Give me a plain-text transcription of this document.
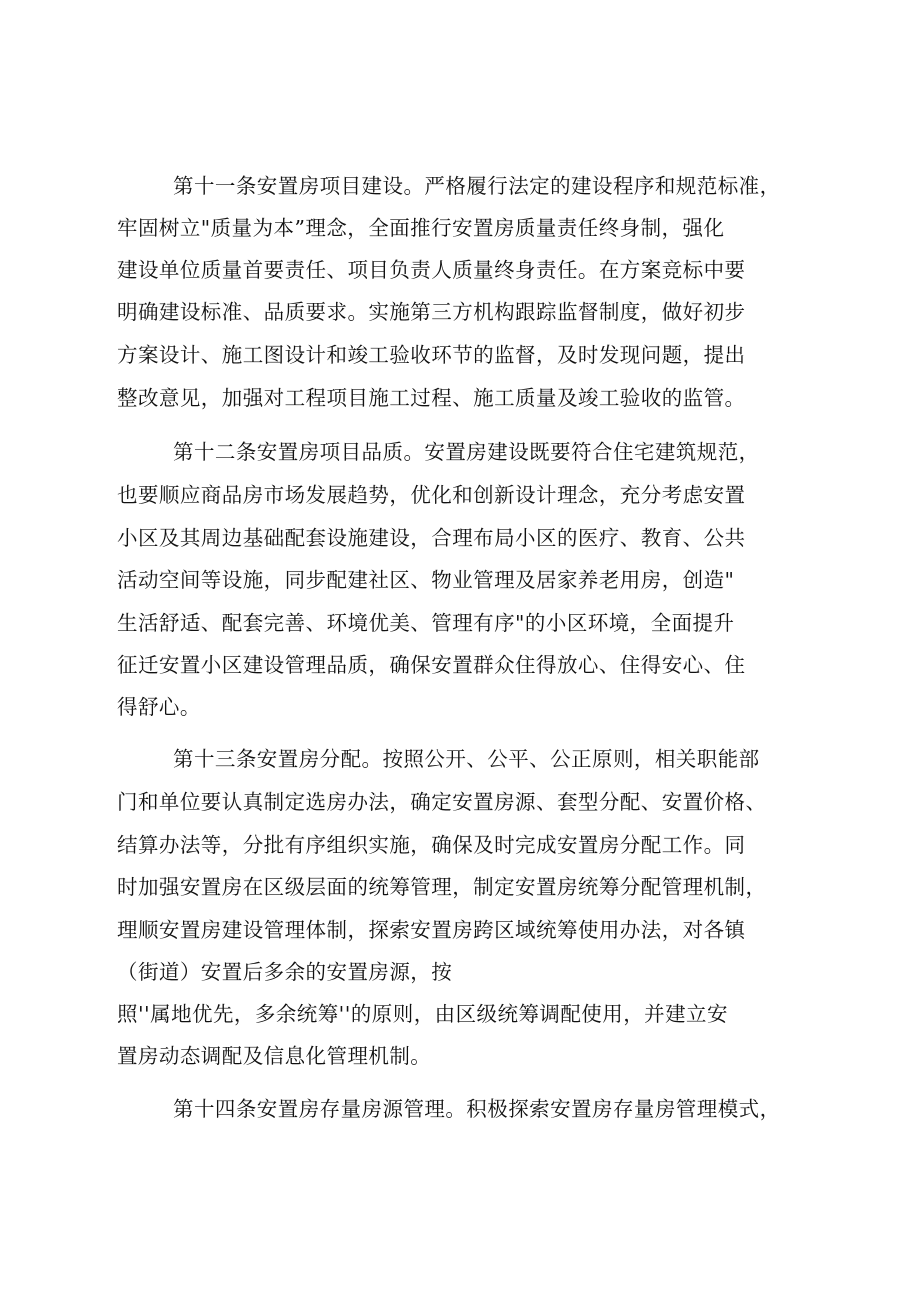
第十一条安置房项目建设。严格履行法定的建设程序和规范标准，
牢固树立"质量为本”理念，全面推行安置房质量责任终身制，强化
建设单位质量首要责任、项目负责人质量终身责任。在方案竞标中要
明确建设标准、品质要求。实施第三方机构跟踪监督制度，做好初步
方案设计、施工图设计和竣工验收环节的监督，及时发现问题，提出
整改意见，加强对工程项目施工过程、施工质量及竣工验收的监管。
第十二条安置房项目品质。安置房建设既要符合住宅建筑规范，
也要顺应商品房市场发展趋势，优化和创新设计理念，充分考虑安置
小区及其周边基础配套设施建设，合理布局小区的医疗、教育、公共
活动空间等设施，同步配建社区、物业管理及居家养老用房，创造"
生活舒适、配套完善、环境优美、管理有序"的小区环境，全面提升
征迁安置小区建设管理品质，确保安置群众住得放心、住得安心、住
得舒心。
第十三条安置房分配。按照公开、公平、公正原则，相关职能部
门和单位要认真制定选房办法，确定安置房源、套型分配、安置价格、
结算办法等，分批有序组织实施，确保及时完成安置房分配工作。同
时加强安置房在区级层面的统筹管理，制定安置房统筹分配管理机制，
理顺安置房建设管理体制，探索安置房跨区域统筹使用办法，对各镇
（街道）安置后多余的安置房源，按
照''属地优先，多余统筹''的原则，由区级统筹调配使用，并建立安
置房动态调配及信息化管理机制。
第十四条安置房存量房源管理。积极探索安置房存量房管理模式，
